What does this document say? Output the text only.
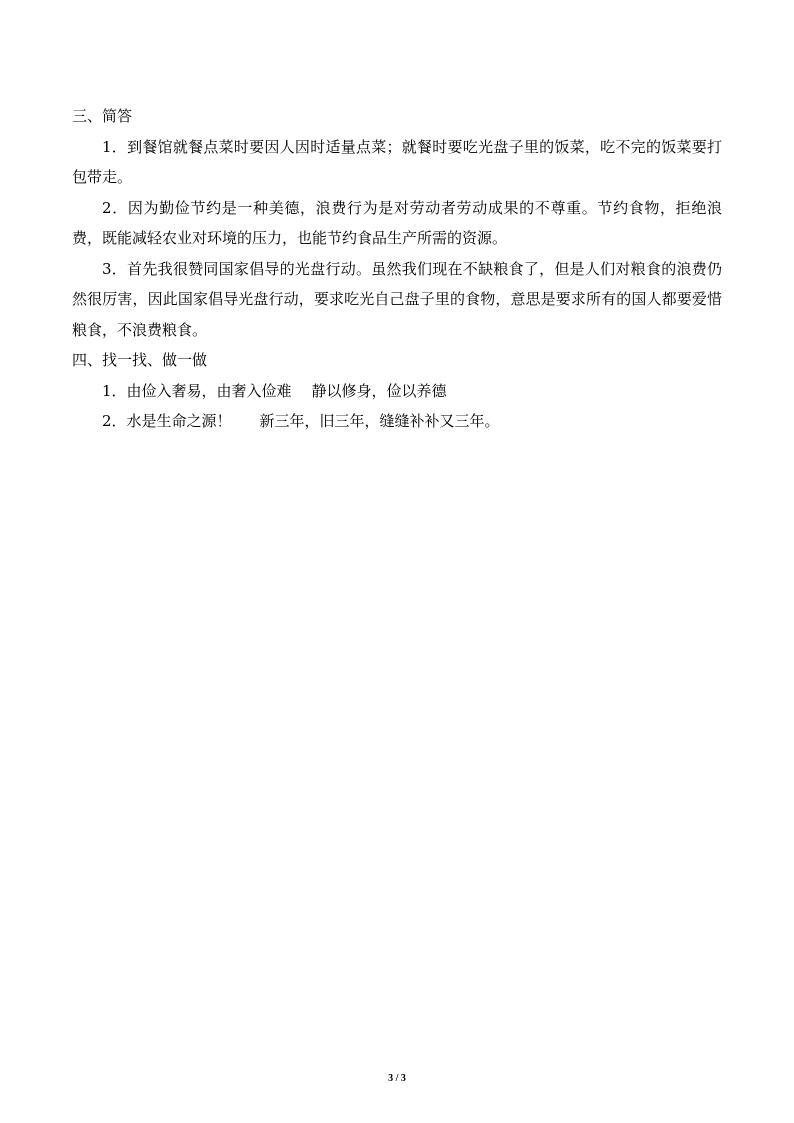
三、简答

1．到餐馆就餐点菜时要因人因时适量点菜；就餐时要吃光盘子里的饭菜，吃不完的饭菜要打包带走。

2．因为勤俭节约是一种美德，浪费行为是对劳动者劳动成果的不尊重。节约食物，拒绝浪费，既能减轻农业对环境的压力，也能节约食品生产所需的资源。

3．首先我很赞同国家倡导的光盘行动。虽然我们现在不缺粮食了，但是人们对粮食的浪费仍然很厉害，因此国家倡导光盘行动，要求吃光自己盘子里的食物，意思是要求所有的国人都要爱惜粮食，不浪费粮食。

四、找一找、做一做

1．由俭入奢易，由奢入俭难 静以修身，俭以养德

2．水是生命之源！ 新三年，旧三年，缝缝补补又三年。

3 / 3
